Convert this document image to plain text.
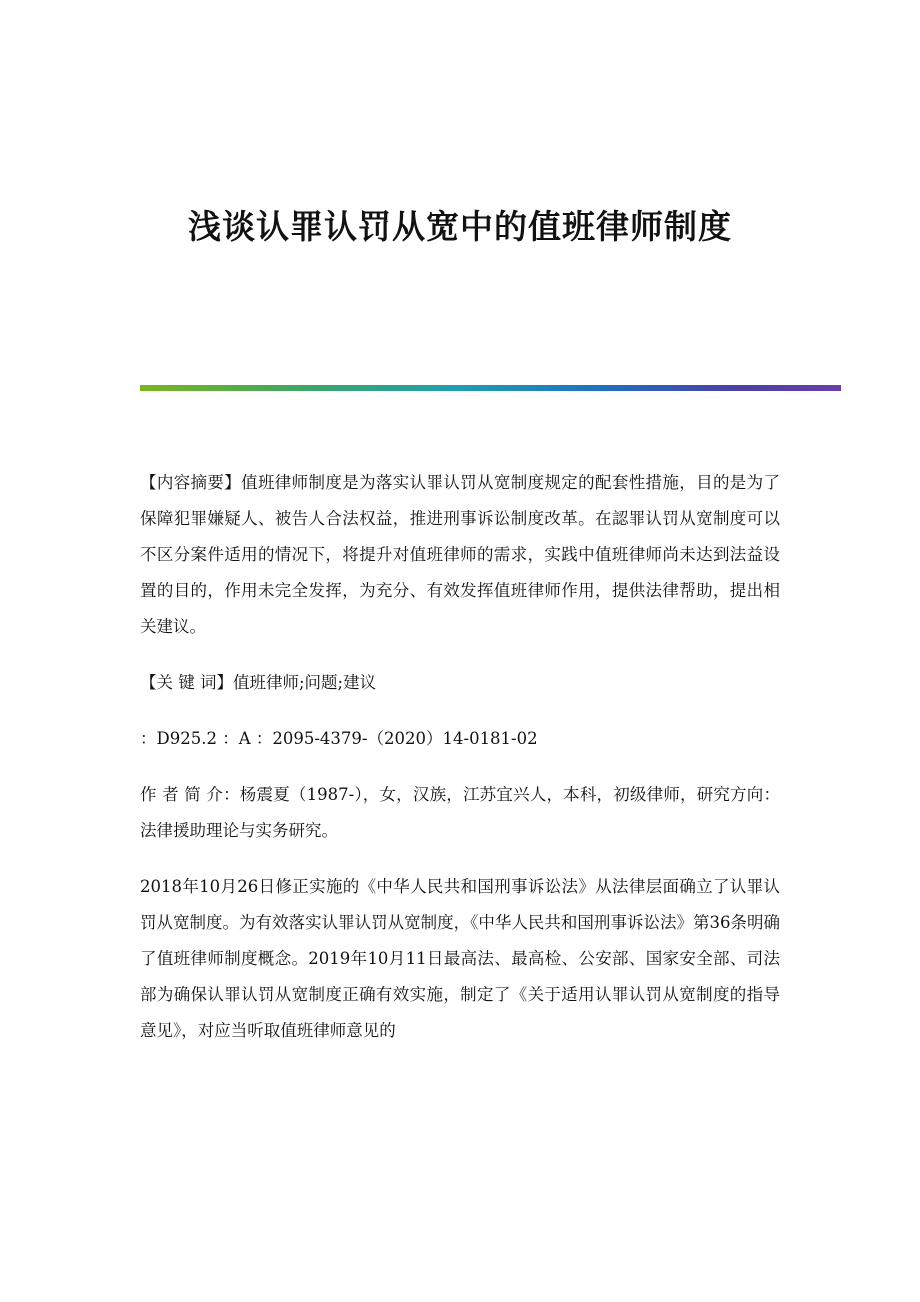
浅谈认罪认罚从宽中的值班律师制度

【内容摘要】值班律师制度是为落实认罪认罚从宽制度规定的配套性措施，目的是为了保障犯罪嫌疑人、被告人合法权益，推进刑事诉讼制度改革。在認罪认罚从宽制度可以不区分案件适用的情况下，将提升对值班律师的需求，实践中值班律师尚未达到法益设置的目的，作用未完全发挥，为充分、有效发挥值班律师作用，提供法律帮助，提出相关建议。

【关 键 词】值班律师;问题;建议

：D925.2 ：A ：2095-4379-（2020）14-0181-02

作 者 简 介：杨震夏（1987-），女，汉族，江苏宜兴人，本科，初级律师，研究方向：法律援助理论与实务研究。

2018年10月26日修正实施的《中华人民共和国刑事诉讼法》从法律层面确立了认罪认罚从宽制度。为有效落实认罪认罚从宽制度，《中华人民共和国刑事诉讼法》第36条明确了值班律师制度概念。2019年10月11日最高法、最高检、公安部、国家安全部、司法部为确保认罪认罚从宽制度正确有效实施，制定了《关于适用认罪认罚从宽制度的指导意见》，对应当听取值班律师意见的
